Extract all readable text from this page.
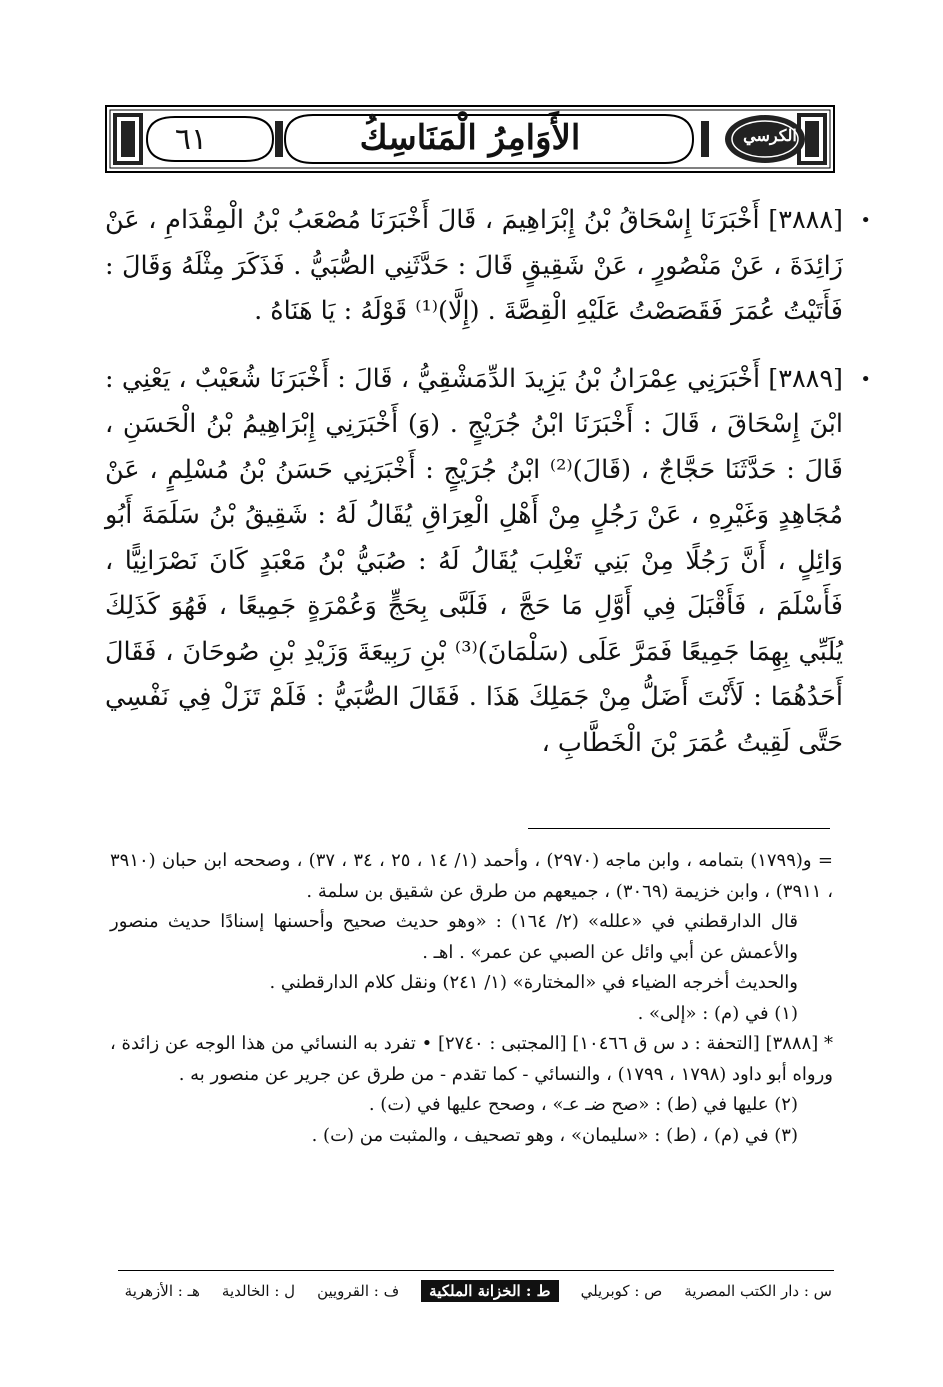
٦١	الأَوَامِرُ الْمَنَاسِكُ	الكرسي

•
[٣٨٨٨] أَخْبَرَنَا إِسْحَاقُ بْنُ إِبْرَاهِيمَ ، قَالَ أَخْبَرَنَا مُصْعَبُ بْنُ الْمِقْدَامِ ، عَنْ زَائِدَةَ ، عَنْ مَنْصُورٍ ، عَنْ شَقِيقٍ قَالَ : حَدَّثَنِي الصُّبَيُّ . فَذَكَرَ مِثْلَهُ وَقَالَ : فَأَتَيْتُ عُمَرَ فَقَصَصْتُ عَلَيْهِ الْقِصَّةَ . (إِلَّا)⁽¹⁾ قَوْلَهُ : يَا هَنَاهُ .

•
[٣٨٨٩] أَخْبَرَنِي عِمْرَانُ بْنُ يَزِيدَ الدِّمَشْقِيُّ ، قَالَ : أَخْبَرَنَا شُعَيْبٌ ، يَعْنِي : ابْنَ إِسْحَاقَ ، قَالَ : أَخْبَرَنَا ابْنُ جُرَيْجٍ . (وَ) أَخْبَرَنِي إِبْرَاهِيمُ بْنُ الْحَسَنِ ، قَالَ : حَدَّثَنَا حَجَّاجٌ ، (قَالَ)⁽²⁾ ابْنُ جُرَيْجٍ : أَخْبَرَنِي حَسَنُ بْنُ مُسْلِمٍ ، عَنْ مُجَاهِدٍ وَغَيْرِهِ ، عَنْ رَجُلٍ مِنْ أَهْلِ الْعِرَاقِ يُقَالُ لَهُ : شَقِيقُ بْنُ سَلَمَةَ أَبُو وَائِلٍ ، أَنَّ رَجُلًا مِنْ بَنِي تَغْلِبَ يُقَالُ لَهُ : صُبَيُّ بْنُ مَعْبَدٍ كَانَ نَصْرَانِيًّا ، فَأَسْلَمَ ، فَأَقْبَلَ فِي أَوَّلِ مَا حَجَّ ، فَلَبَّى بِحَجٍّ وَعُمْرَةٍ جَمِيعًا ، فَهُوَ كَذَلِكَ يُلَبِّي بِهِمَا جَمِيعًا فَمَرَّ عَلَى (سَلْمَانَ)⁽³⁾ بْنِ رَبِيعَةَ وَزَيْدِ بْنِ صُوحَانَ ، فَقَالَ أَحَدُهُمَا : لَأَنْتَ أَضَلُّ مِنْ جَمَلِكَ هَذَا . فَقَالَ الصُّبَيُّ : فَلَمْ تَزَلْ فِي نَفْسِي حَتَّى لَقِيتُ عُمَرَ بْنَ الْخَطَّابِ ،

= و(١٧٩٩) بتمامه ، وابن ماجه (٢٩٧٠) ، وأحمد (١/ ١٤ ، ٢٥ ، ٣٤ ، ٣٧) ، وصححه ابن حبان (٣٩١٠ ، ٣٩١١) ، وابن خزيمة (٣٠٦٩) ، جميعهم من طرق عن شقيق بن سلمة .

قال الدارقطني في «علله» (٢/ ١٦٤) : «وهو حديث صحيح وأحسنها إسنادًا حديث منصور والأعمش عن أبي وائل عن الصبي عن عمر» . اهـ .

والحديث أخرجه الضياء في «المختارة» (١/ ٢٤١) ونقل كلام الدارقطني .

(١) في (م) : «إلى» .

* [٣٨٨٨] [التحفة : د س ق ١٠٤٦٦] [المجتبى : ٢٧٤٠] • تفرد به النسائي من هذا الوجه عن زائدة ، ورواه أبو داود (١٧٩٨ ، ١٧٩٩) ، والنسائي - كما تقدم - من طرق عن جرير عن منصور به .

(٢) عليها في (ط) : «صح ضـ عـ» ، وصحح عليها في (ت) .

(٣) في (م) ، (ط) : «سليمان» ، وهو تصحيف ، والمثبت من (ت) .

س : دار الكتب المصرية
ص : كوبريلي
ط : الخزانة الملكية
ف : القرويين
ل : الخالدية
هـ : الأزهرية
